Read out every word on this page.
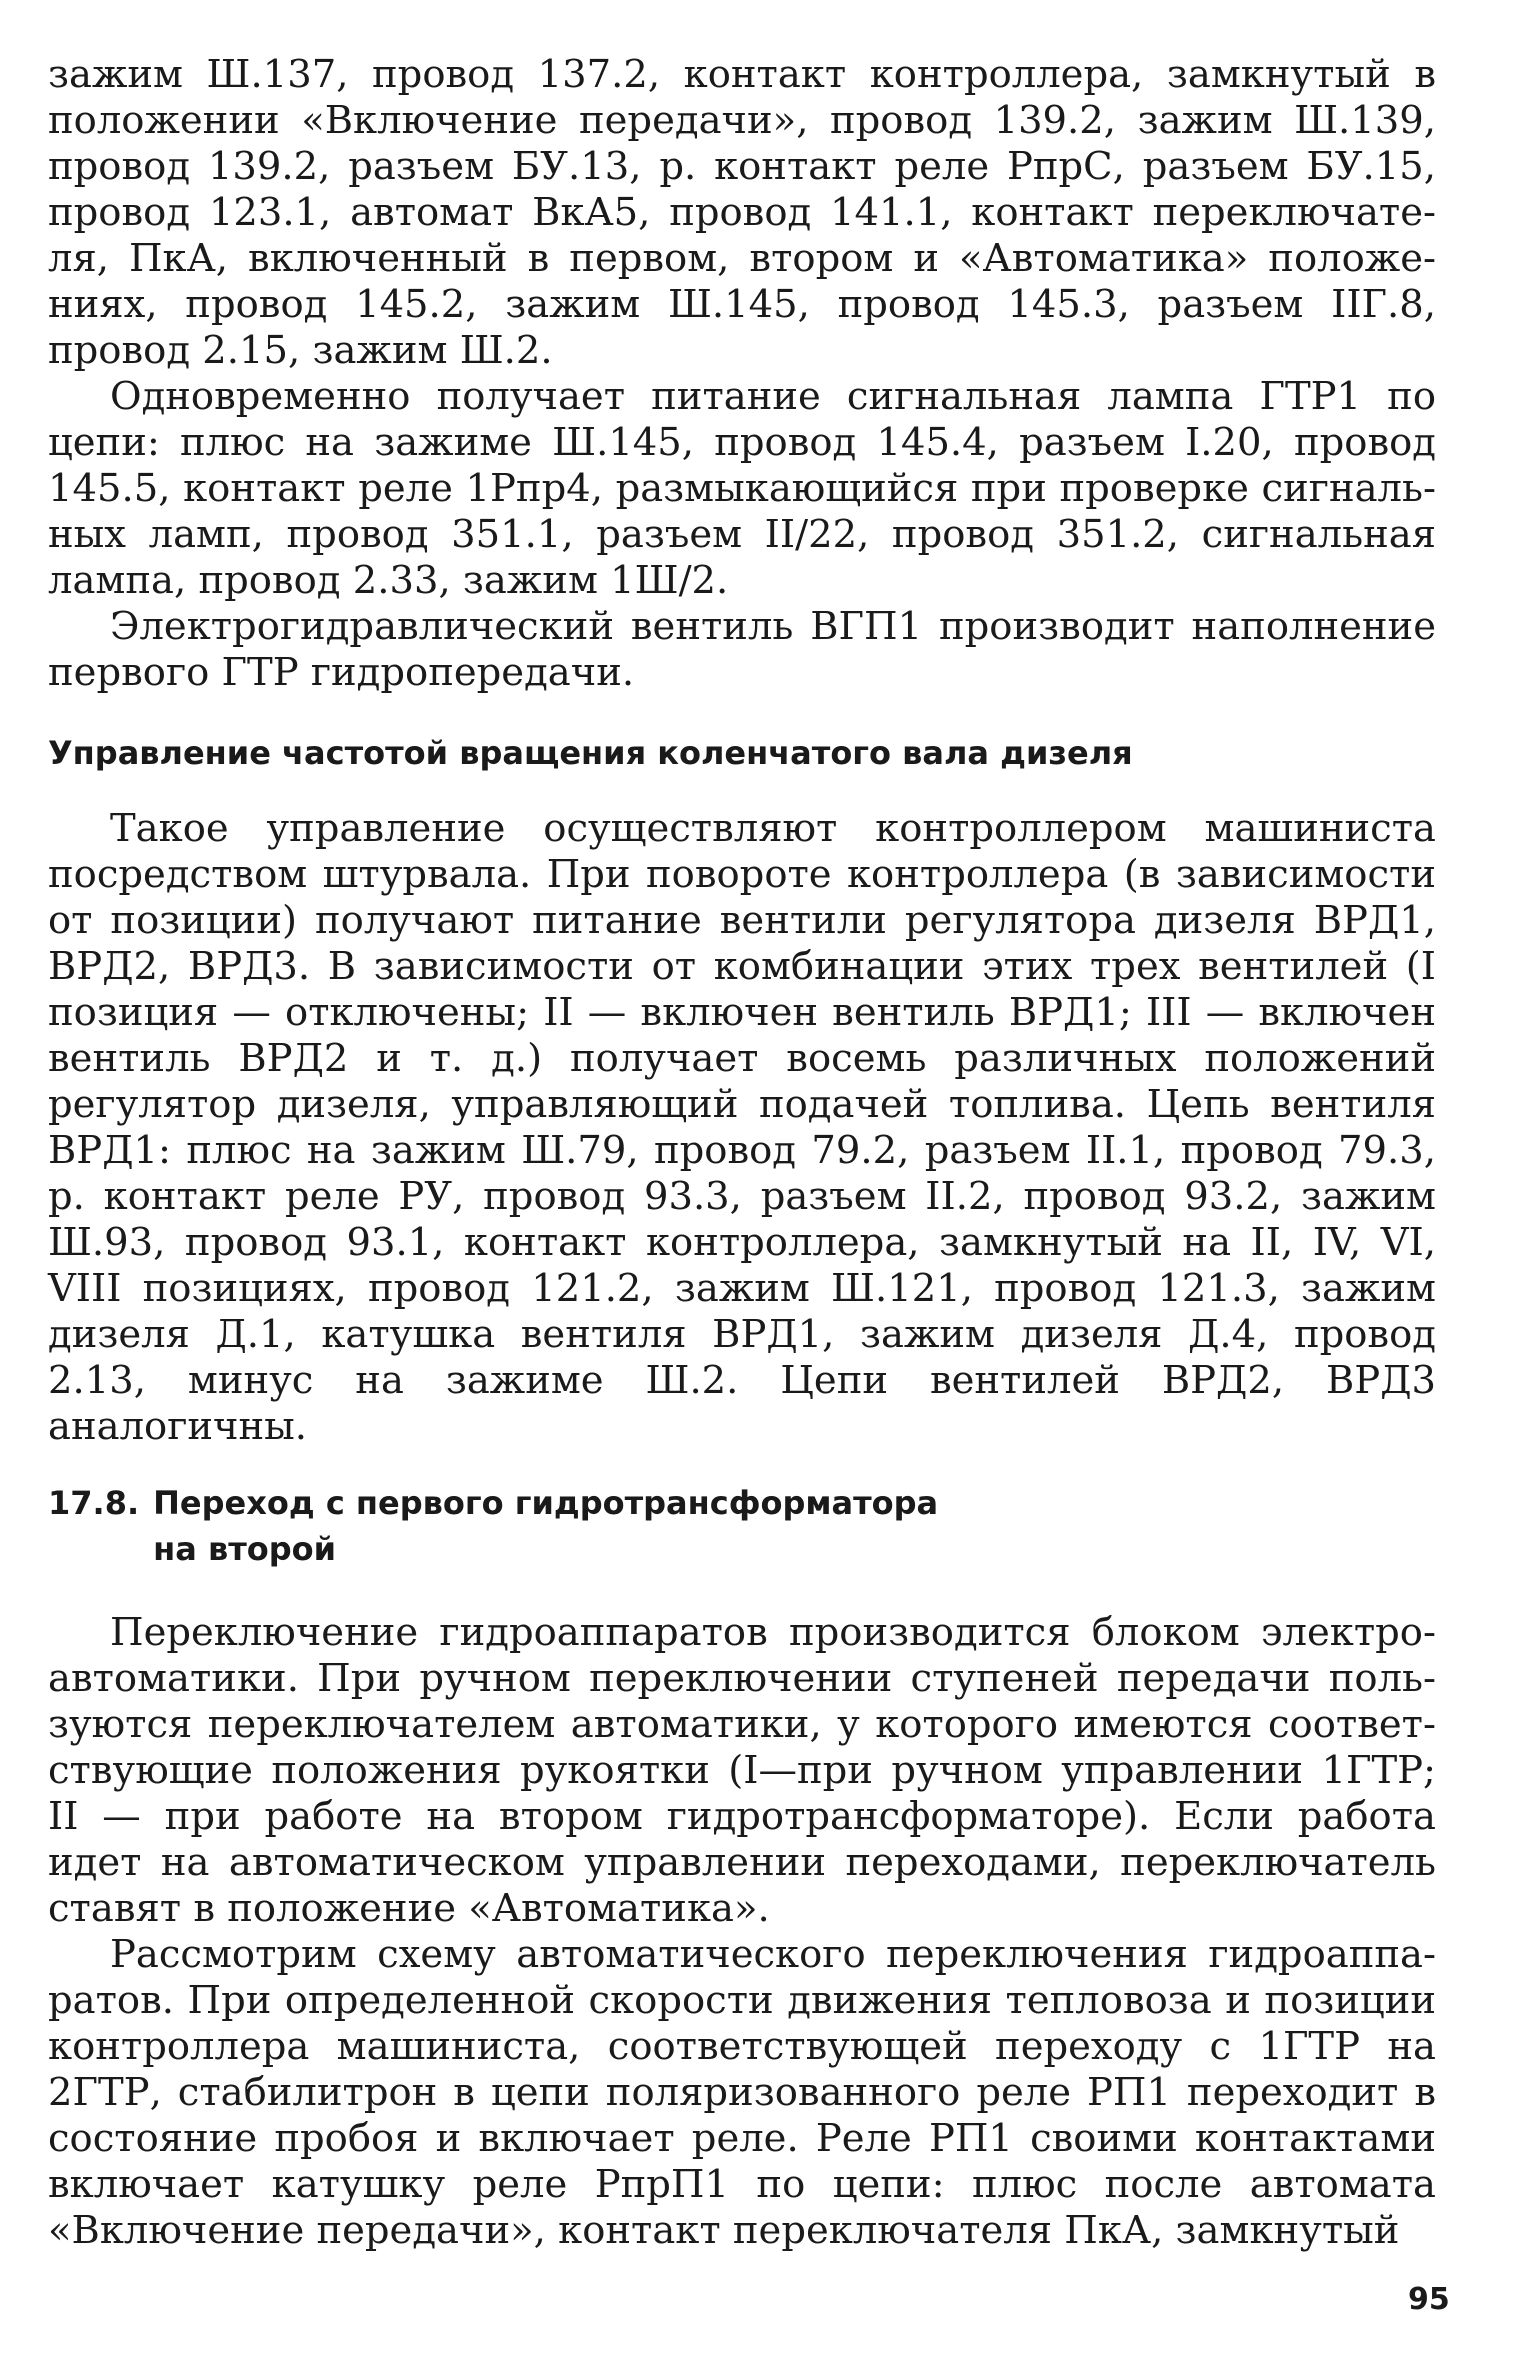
зажим Ш.137, провод 137.2, контакт контроллера, замкнутый в положении «Включение передачи», провод 139.2, зажим Ш.139, провод 139.2, разъем БУ.13, р. контакт реле РпрС, разъем БУ.15, провод 123.1, автомат ВкА5, провод 141.1, контакт переключателя, ПкА, включенный в первом, втором и «Автоматика» положениях, провод 145.2, зажим Ш.145, провод 145.3, разъем ІІГ.8, провод 2.15, зажим Ш.2.

Одновременно получает питание сигнальная лампа ГТР1 по цепи: плюс на зажиме Ш.145, провод 145.4, разъем І.20, провод 145.5, контакт реле 1Рпр4, размыкающийся при проверке сигнальных ламп, провод 351.1, разъем ІІ/22, провод 351.2, сигнальная лампа, провод 2.33, зажим 1Ш/2.

Электрогидравлический вентиль ВГП1 производит наполнение первого ГТР гидропередачи.

Управление частотой вращения коленчатого вала дизеля

Такое управление осуществляют контроллером машиниста посредством штурвала. При повороте контроллера (в зависимости от позиции) получают питание вентили регулятора дизеля ВРД1, ВРД2, ВРД3. В зависимости от комбинации этих трех вентилей (І позиция — отключены; ІІ — включен вентиль ВРД1; ІІІ — включен вентиль ВРД2 и т. д.) получает восемь различных положений регулятор дизеля, управляющий подачей топлива. Цепь вентиля ВРД1: плюс на зажим Ш.79, провод 79.2, разъем ІІ.1, провод 79.3, р. контакт реле РУ, провод 93.3, разъем ІІ.2, провод 93.2, зажим Ш.93, провод 93.1, контакт контроллера, замкнутый на ІІ, ІV, VI, VIII позициях, провод 121.2, зажим Ш.121, провод 121.3, зажим дизеля Д.1, катушка вентиля ВРД1, зажим дизеля Д.4, провод 2.13, минус на зажиме Ш.2. Цепи вентилей ВРД2, ВРД3 аналогичны.

17.8. Переход с первого гидротрансформатора
на второй

Переключение гидроаппаратов производится блоком электроавтоматики. При ручном переключении ступеней передачи пользуются переключателем автоматики, у которого имеются соответствующие положения рукоятки (І—при ручном управлении 1ГТР; ІІ — при работе на втором гидротрансформаторе). Если работа идет на автоматическом управлении переходами, переключатель ставят в положение «Автоматика».

Рассмотрим схему автоматического переключения гидроаппаратов. При определенной скорости движения тепловоза и позиции контроллера машиниста, соответствующей переходу с 1ГТР на 2ГТР, стабилитрон в цепи поляризованного реле РП1 переходит в состояние пробоя и включает реле. Реле РП1 своими контактами включает катушку реле РпрП1 по цепи: плюс после автомата «Включение передачи», контакт переключателя ПкА, замкнутый

95
